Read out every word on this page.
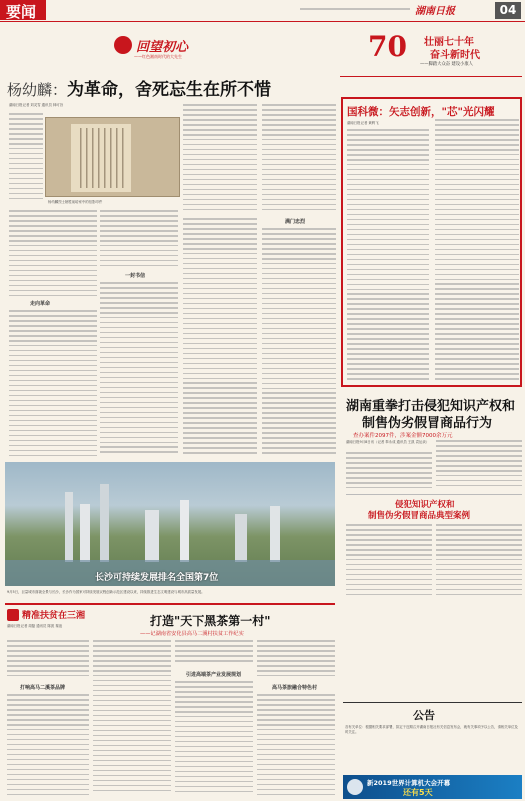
要闻	湖南日报	04
回望初心
——红色湘南时代的大先生	70 壮丽七十年
奋斗新时代
——脚踏大众奋 建设小康人
杨幼麟：为革命，舍死忘生在所不惜
湖南日报记者 刘灵雪 通讯员 林可旨
杨幼麟烈士牺牲前给家中的信影印件
走向革命
一封书信
满门忠烈
国科微：矢志创新，"芯"光闪耀
湖南日报记者 黄利飞
长沙可持续发展排名全国第7位
9月5日，巨量城市面貌全景与长沙，长沙作为国家可持续发展议程创新示范区建设以来，持续推进生态文明建设与城市高质量发展。
湖南重拳打击侵犯知识产权和
制售伪劣假冒商品行为
查办案件2097件，涉案金额7000余万元
湖南日报9月8日讯（记者 奉永成 通讯员 王凯 袁运谈）
侵犯知识产权和
制售伪劣假冒商品典型案例
精准扶贫在三湘
湖南日报记者 周磊 通讯员 陈波 秦谊	打造"天下黑茶第一村"
——记湖南省安化县高马二溪村扶贫工作纪实
打响高马二溪茶品牌
引进高端茶产业发展规划
高马茶旅融合特色村
公告
各有关单位：根据相关要求部署，拟定于近期召开湖南日报社有关信息发布会，就有关事项予以公告，请相关单位及时关注。
新2019世界计算机大会开幕
还有5天
